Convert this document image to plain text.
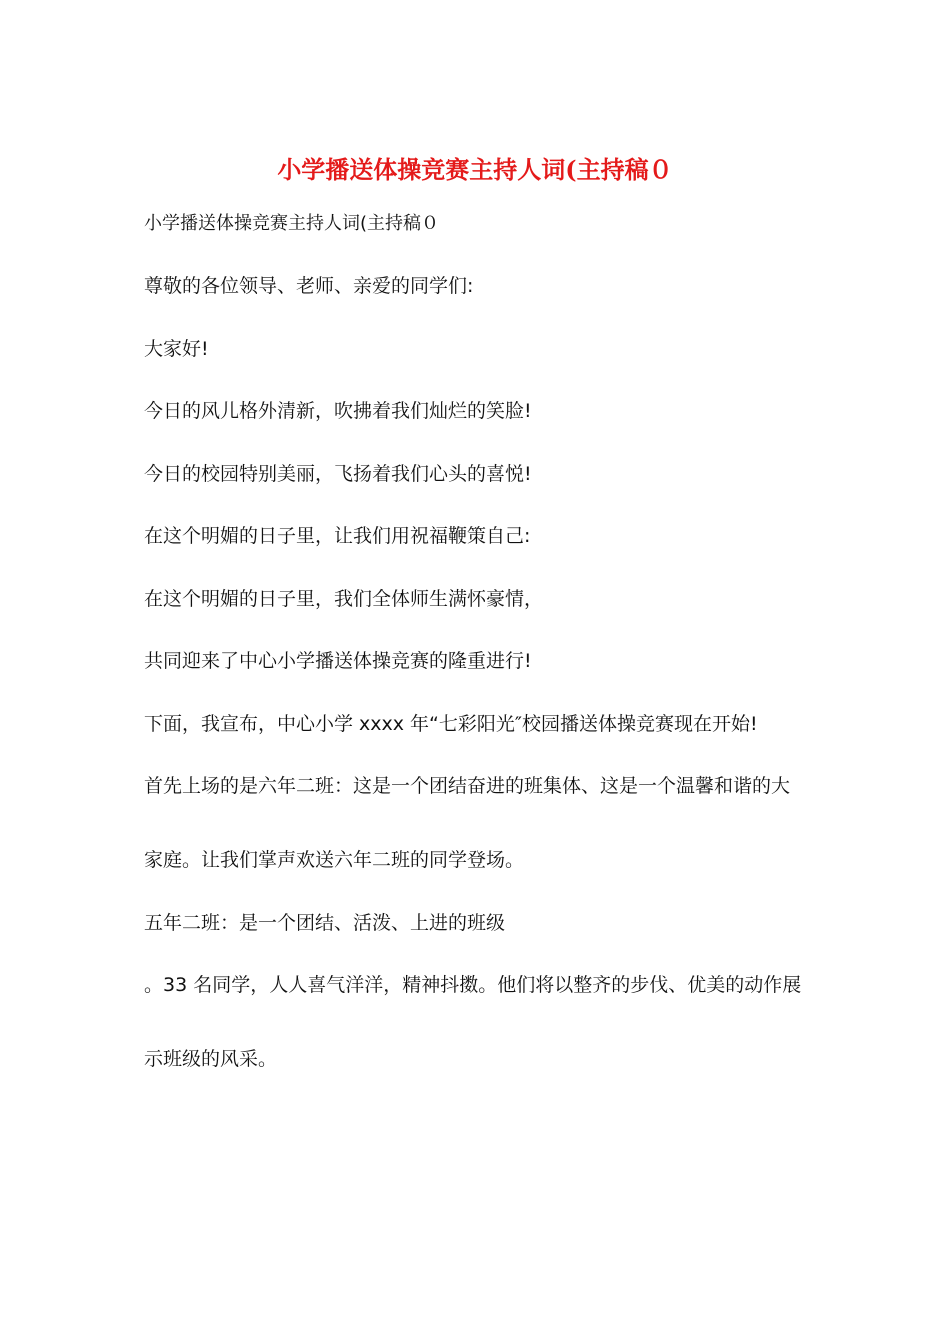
小学播送体操竞赛主持人词(主持稿０

小学播送体操竞赛主持人词(主持稿０

尊敬的各位领导、老师、亲爱的同学们:

大家好!

今日的风儿格外清新，吹拂着我们灿烂的笑脸!

今日的校园特别美丽，飞扬着我们心头的喜悦!

在这个明媚的日子里，让我们用祝福鞭策自己:

在这个明媚的日子里，我们全体师生满怀豪情，

共同迎来了中心小学播送体操竞赛的隆重进行!

下面，我宣布，中心小学 xxxx 年“七彩阳光″校园播送体操竞赛现在开始!

首先上场的是六年二班：这是一个团结奋进的班集体、这是一个温馨和谐的大

家庭。让我们掌声欢送六年二班的同学登场。

五年二班：是一个团结、活泼、上进的班级

。33 名同学，人人喜气洋洋，精神抖擞。他们将以整齐的步伐、优美的动作展

示班级的风采。
